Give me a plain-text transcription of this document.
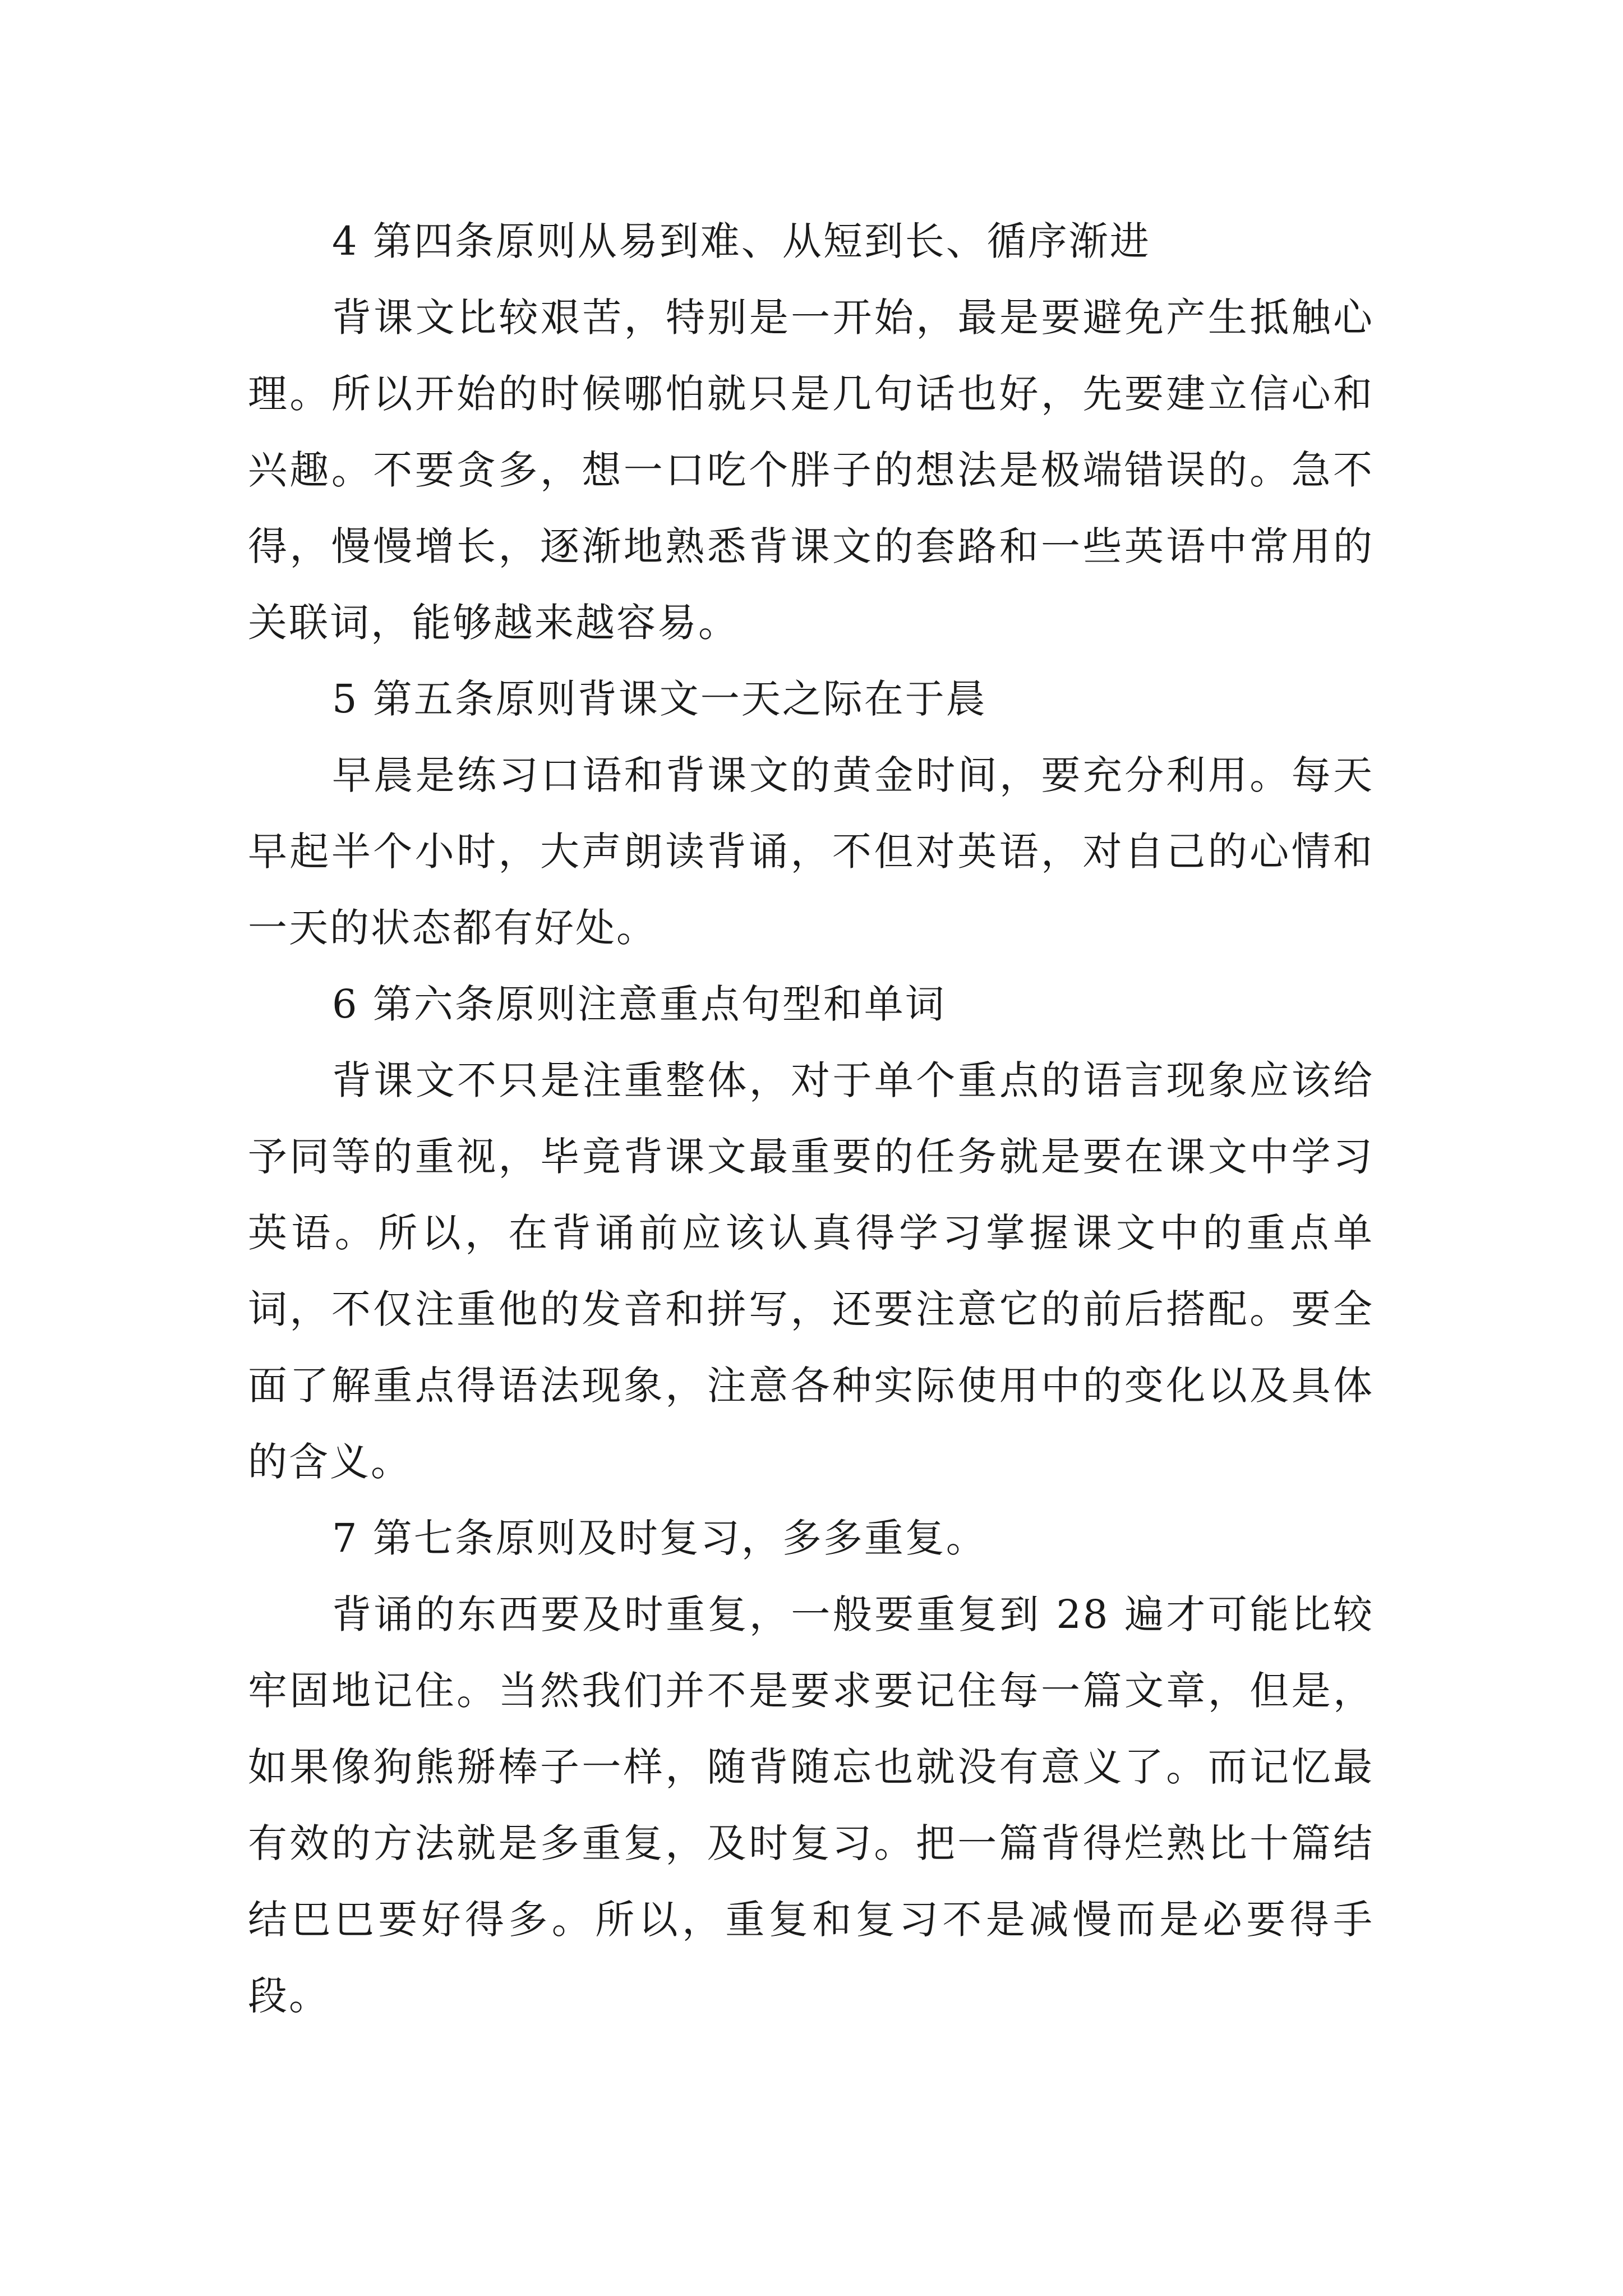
4 第四条原则从易到难、从短到长、循序渐进

背课文比较艰苦，特别是一开始，最是要避免产生抵触心理。所以开始的时候哪怕就只是几句话也好，先要建立信心和兴趣。不要贪多，想一口吃个胖子的想法是极端错误的。急不得，慢慢增长，逐渐地熟悉背课文的套路和一些英语中常用的关联词，能够越来越容易。

5 第五条原则背课文一天之际在于晨

早晨是练习口语和背课文的黄金时间，要充分利用。每天早起半个小时，大声朗读背诵，不但对英语，对自己的心情和一天的状态都有好处。

6 第六条原则注意重点句型和单词

背课文不只是注重整体，对于单个重点的语言现象应该给予同等的重视，毕竟背课文最重要的任务就是要在课文中学习英语。所以，在背诵前应该认真得学习掌握课文中的重点单词，不仅注重他的发音和拼写，还要注意它的前后搭配。要全面了解重点得语法现象，注意各种实际使用中的变化以及具体的含义。

7 第七条原则及时复习，多多重复。

背诵的东西要及时重复，一般要重复到 28 遍才可能比较牢固地记住。当然我们并不是要求要记住每一篇文章，但是，如果像狗熊掰棒子一样，随背随忘也就没有意义了。而记忆最有效的方法就是多重复，及时复习。把一篇背得烂熟比十篇结结巴巴要好得多。所以，重复和复习不是减慢而是必要得手段。
